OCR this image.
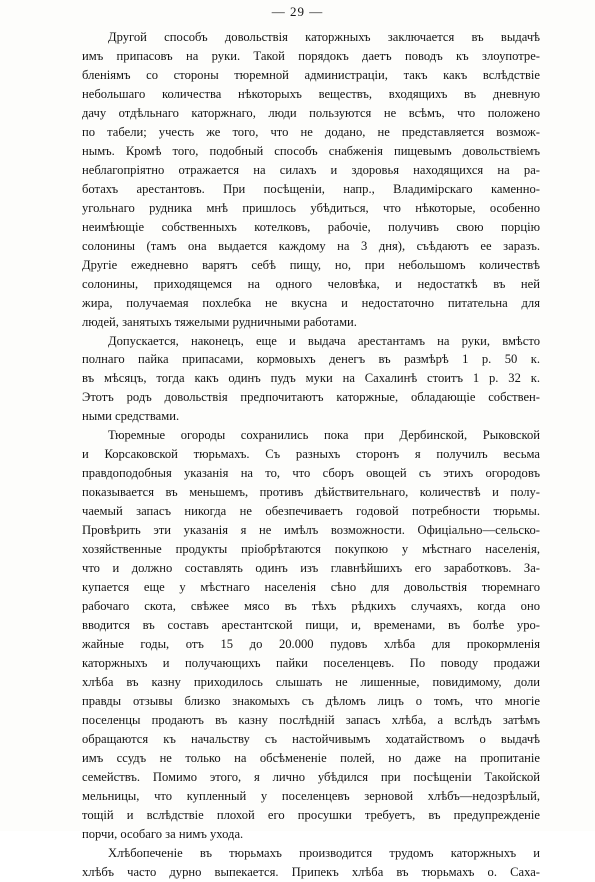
— 29 —
Другой способъ довольствія каторжныхъ заключается въ выдачѣ
имъ припасовъ на руки. Такой порядокъ даетъ поводъ къ злоупотре-
бленіямъ со стороны тюремной администраціи, такъ какъ вслѣдствіе
небольшаго количества нѣкоторыхъ веществъ, входящихъ въ дневную
дачу отдѣльнаго каторжнаго, люди пользуются не всѣмъ, что положено
по табели; учесть же того, что не додано, не представляется возмож-
нымъ. Кромѣ того, подобный способъ снабженія пищевымъ довольствіемъ
неблагопріятно отражается на силахъ и здоровья находящихся на ра-
ботахъ арестантовъ. При посѣщеніи, напр., Владимірскаго каменно-
угольнаго рудника мнѣ пришлось убѣдиться, что нѣкоторые, особенно
неимѣющіе собственныхъ котелковъ, рабочіе, получивъ свою порцію
солонины (тамъ она выдается каждому на 3 дня), съѣдаютъ ее заразъ.
Другіе ежедневно варятъ себѣ пищу, но, при небольшомъ количествѣ
солонины, приходящемся на одного человѣка, и недостаткѣ въ ней
жира, получаемая похлебка не вкусна и недостаточно питательна для
людей, занятыхъ тяжелыми рудничными работами.
Допускается, наконецъ, еще и выдача арестантамъ на руки, вмѣсто
полнаго пайка припасами, кормовыхъ денегъ въ размѣрѣ 1 р. 50 к.
въ мѣсяцъ, тогда какъ одинъ пудъ муки на Сахалинѣ стоитъ 1 р. 32 к.
Этотъ родъ довольствія предпочитаютъ каторжные, обладающіе собствен-
ными средствами.
Тюремные огороды сохранились пока при Дербинской, Рыковской
и Корсаковской тюрьмахъ. Съ разныхъ сторонъ я получилъ весьма
правдоподобныя указанія на то, что сборъ овощей съ этихъ огородовъ
показывается въ меньшемъ, противъ дѣйствительнаго, количествѣ и полу-
чаемый запасъ никогда не обезпечиваетъ годовой потребности тюрьмы.
Провѣрить эти указанія я не имѣлъ возможности. Офиціально—сельско-
хозяйственные продукты пріобрѣтаются покупкою у мѣстнаго населенія,
что и должно составлять одинъ изъ главнѣйшихъ его заработковъ. За-
купается еще у мѣстнаго населенія сѣно для довольствія тюремнаго
рабочаго скота, свѣжее мясо въ тѣхъ рѣдкихъ случаяхъ, когда оно
вводится въ составъ арестантской пищи, и, временами, въ болѣе уро-
жайные годы, отъ 15 до 20.000 пудовъ хлѣба для прокормленія
каторжныхъ и получающихъ пайки поселенцевъ. По поводу продажи
хлѣба въ казну приходилось слышать не лишенные, повидимому, доли
правды отзывы близко знакомыхъ съ дѣломъ лицъ о томъ, что многіе
поселенцы продаютъ въ казну послѣдній запасъ хлѣба, а вслѣдъ затѣмъ
обращаются къ начальству съ настойчивымъ ходатайствомъ о выдачѣ
имъ ссудъ не только на обсѣмененіе полей, но даже на пропитаніе
семействъ. Помимо этого, я лично убѣдился при посѣщеніи Такойской
мельницы, что купленный у поселенцевъ зерновой хлѣбъ—недозрѣлый,
тощій и вслѣдствіе плохой его просушки требуетъ, въ предупрежденіе
порчи, особаго за нимъ ухода.
Хлѣбопеченіе въ тюрьмахъ производится трудомъ каторжныхъ и
хлѣбъ часто дурно выпекается. Припекъ хлѣба въ тюрьмахъ о. Саха-
